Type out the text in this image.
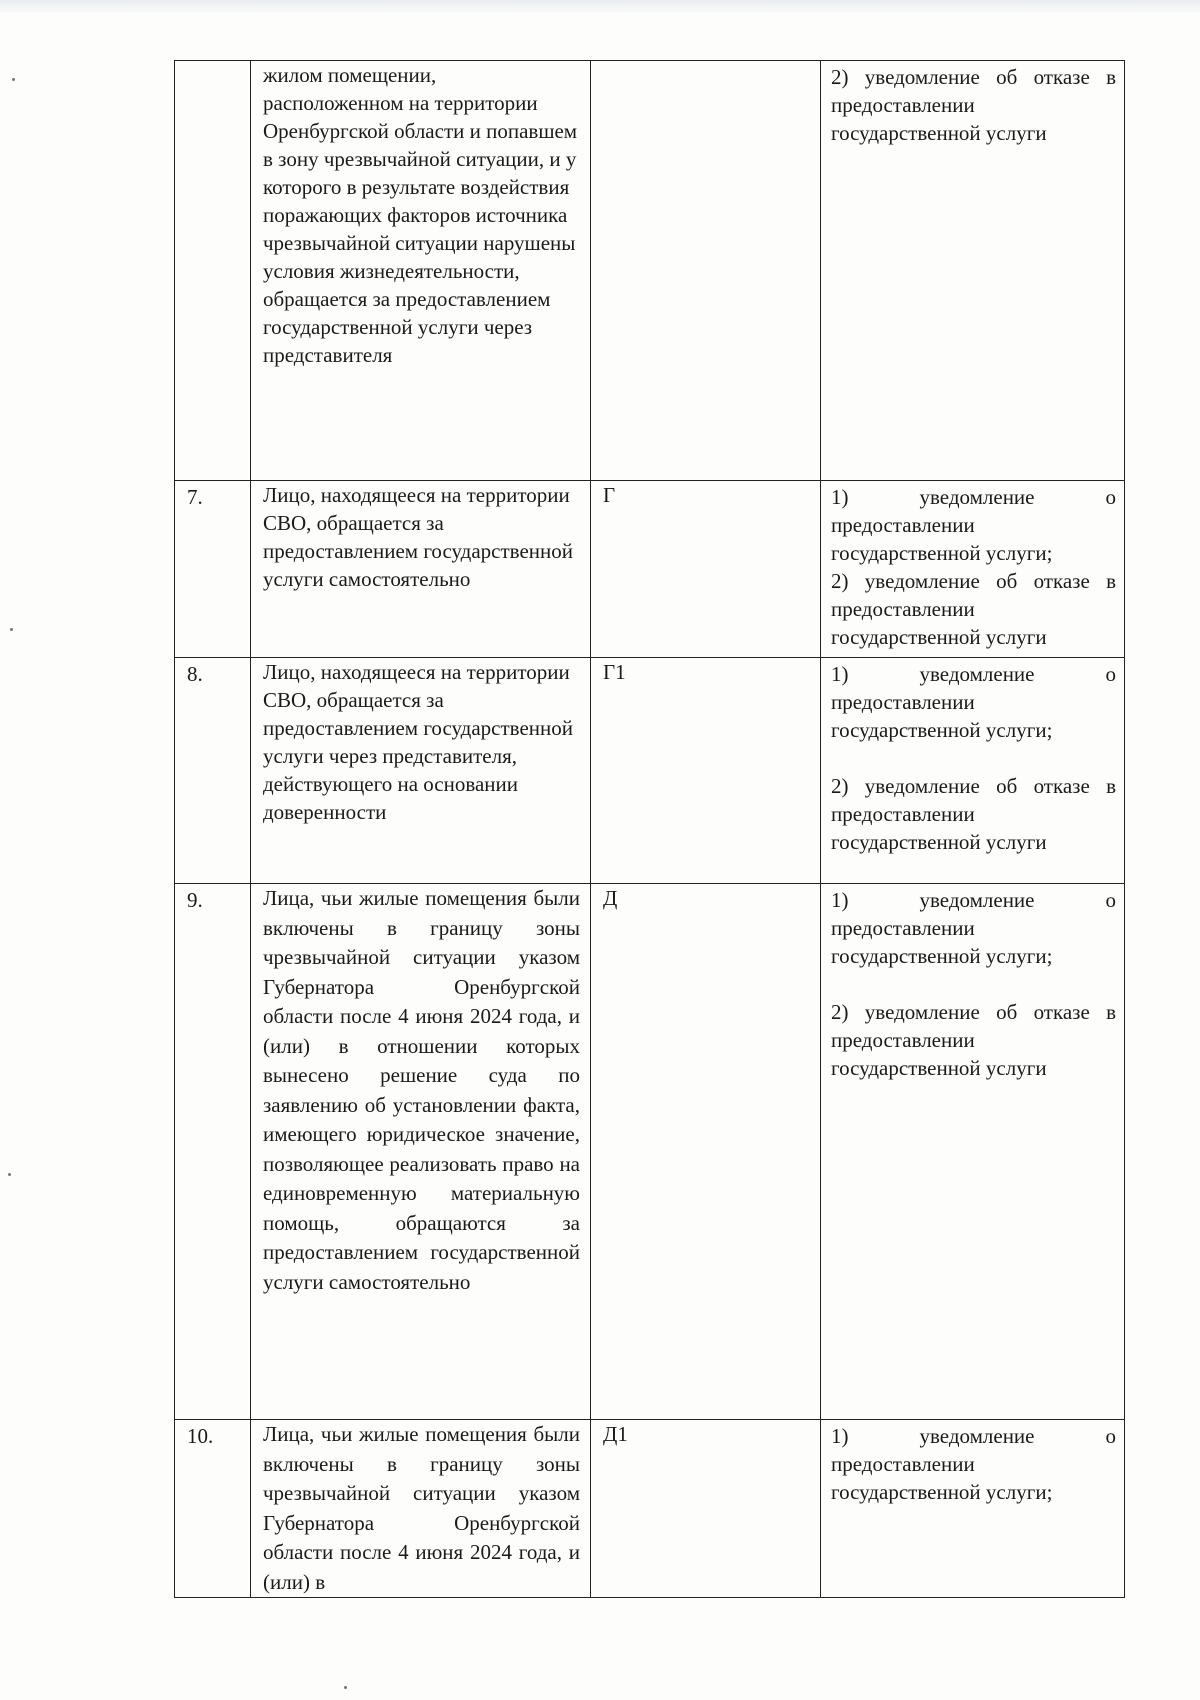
	жилом помещении, расположенном на территории Оренбургской области и попавшем в зону чрезвычайной ситуации, и у которого в результате воздействия поражающих факторов источника чрезвычайной ситуации нарушены условия жизнедеятельности, обращается за предоставлением государственной услуги через представителя		2) уведомление об отказе в предоставлении государственной услуги

7.	Лицо, находящееся на территории СВО, обращается за предоставлением государственной услуги самостоятельно	Г	1) уведомление о предоставлении государственной услуги;
2) уведомление об отказе в предоставлении государственной услуги

8.	Лицо, находящееся на территории СВО, обращается за предоставлением государственной услуги через представителя, действующего на основании доверенности	Г1	1) уведомление о предоставлении государственной услуги;
2) уведомление об отказе в предоставлении государственной услуги

9.	Лица, чьи жилые помещения были включены в границу зоны чрезвычайной ситуации указом Губернатора Оренбургской области после 4 июня 2024 года, и (или) в отношении которых вынесено решение суда по заявлению об установлении факта, имеющего юридическое значение, позволяющее реализовать право на единовременную материальную помощь, обращаются за предоставлением государственной услуги самостоятельно	Д	1) уведомление о предоставлении государственной услуги;
2) уведомление об отказе в предоставлении государственной услуги

10.	Лица, чьи жилые помещения были включены в границу зоны чрезвычайной ситуации указом Губернатора Оренбургской области после 4 июня 2024 года, и (или) в	Д1	1) уведомление о предоставлении государственной услуги;
